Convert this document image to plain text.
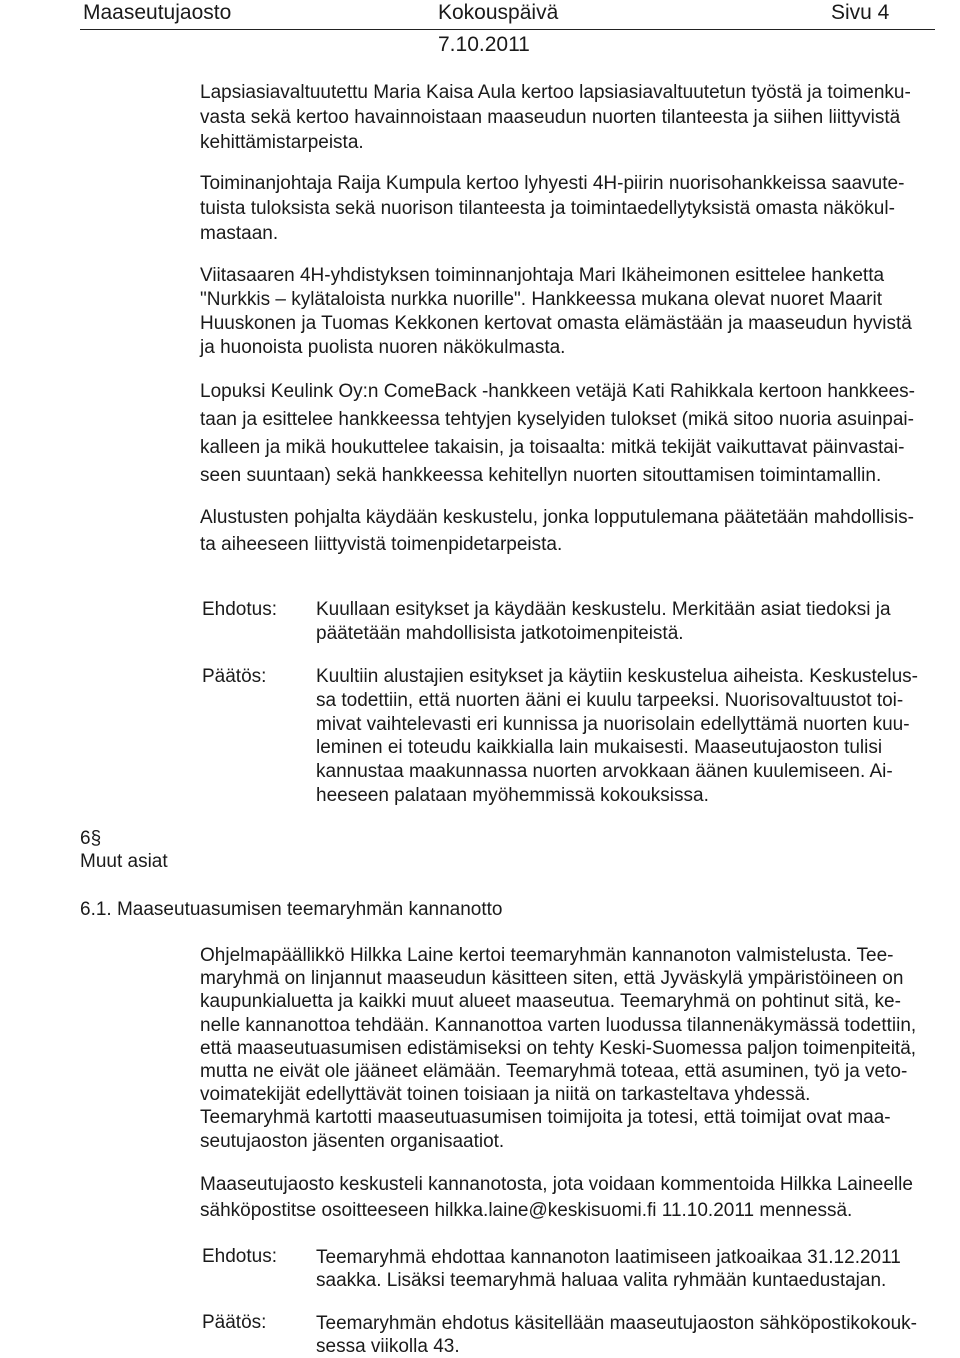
Maaseutujaosto	Kokouspäivä	Sivu 4
7.10.2011
Lapsiasiavaltuutettu Maria Kaisa Aula kertoo lapsiasiavaltuutetun työstä ja toimenku-
vasta sekä kertoo havainnoistaan maaseudun nuorten tilanteesta ja siihen liittyvistä
kehittämistarpeista.
Toiminanjohtaja Raija Kumpula kertoo lyhyesti 4H-piirin nuorisohankkeissa saavute-
tuista tuloksista sekä nuorison tilanteesta ja toimintaedellytyksistä omasta näkökul-
mastaan.
Viitasaaren 4H-yhdistyksen toiminnanjohtaja Mari Ikäheimonen esittelee hanketta
"Nurkkis – kylätaloista nurkka nuorille". Hankkeessa mukana olevat nuoret Maarit
Huuskonen ja Tuomas Kekkonen kertovat omasta elämästään ja maaseudun hyvistä
ja huonoista puolista nuoren näkökulmasta.
Lopuksi Keulink Oy:n ComeBack -hankkeen vetäjä Kati Rahikkala kertoon hankkees-
taan ja esittelee hankkeessa tehtyjen kyselyiden tulokset (mikä sitoo nuoria asuinpai-
kalleen ja mikä houkuttelee takaisin, ja toisaalta: mitkä tekijät vaikuttavat päinvastai-
seen suuntaan) sekä hankkeessa kehitellyn nuorten sitouttamisen toimintamallin.
Alustusten pohjalta käydään keskustelu, jonka lopputulemana päätetään mahdollisis-
ta aiheeseen liittyvistä toimenpidetarpeista.
Ehdotus: Kuullaan esitykset ja käydään keskustelu. Merkitään asiat tiedoksi ja
päätetään mahdollisista jatkotoimenpiteistä.
Päätös:	Kuultiin alustajien esitykset ja käytiin keskustelua aiheista. Keskustelus-
sa todettiin, että nuorten ääni ei kuulu tarpeeksi. Nuorisovaltuustot toi-
mivat vaihtelevasti eri kunnissa ja nuorisolain edellyttämä nuorten kuu-
leminen ei toteudu kaikkialla lain mukaisesti. Maaseutujaoston tulisi
kannustaa maakunnassa nuorten arvokkaan äänen kuulemiseen. Ai-
heeseen palataan myöhemmissä kokouksissa.
6§
Muut asiat
6.1. Maaseutuasumisen teemaryhmän kannanotto
Ohjelmapäällikkö Hilkka Laine kertoi teemaryhmän kannanoton valmistelusta. Tee-
maryhmä on linjannut maaseudun käsitteen siten, että Jyväskylä ympäristöineen on
kaupunkialuetta ja kaikki muut alueet maaseutua. Teemaryhmä on pohtinut sitä, ke-
nelle kannanottoa tehdään. Kannanottoa varten luodussa tilannenäkymässä todettiin,
että maaseutuasumisen edistämiseksi on tehty Keski-Suomessa paljon toimenpiteitä,
mutta ne eivät ole jääneet elämään. Teemaryhmä toteaa, että asuminen, työ ja veto-
voimatekijät edellyttävät toinen toisiaan ja niitä on tarkasteltava yhdessä.
Teemaryhmä kartotti maaseutuasumisen toimijoita ja totesi, että toimijat ovat maa-
seutujaoston jäsenten organisaatiot.
Maaseutujaosto keskusteli kannanotosta, jota voidaan kommentoida Hilkka Laineelle
sähköpostitse osoitteeseen hilkka.laine@keskisuomi.fi 11.10.2011 mennessä.
Ehdotus: Teemaryhmä ehdottaa kannanoton laatimiseen jatkoaikaa 31.12.2011
saakka. Lisäksi teemaryhmä haluaa valita ryhmään kuntaedustajan.
Päätös:	Teemaryhmän ehdotus käsitellään maaseutujaoston sähköpostikokouk-
sessa viikolla 43.
